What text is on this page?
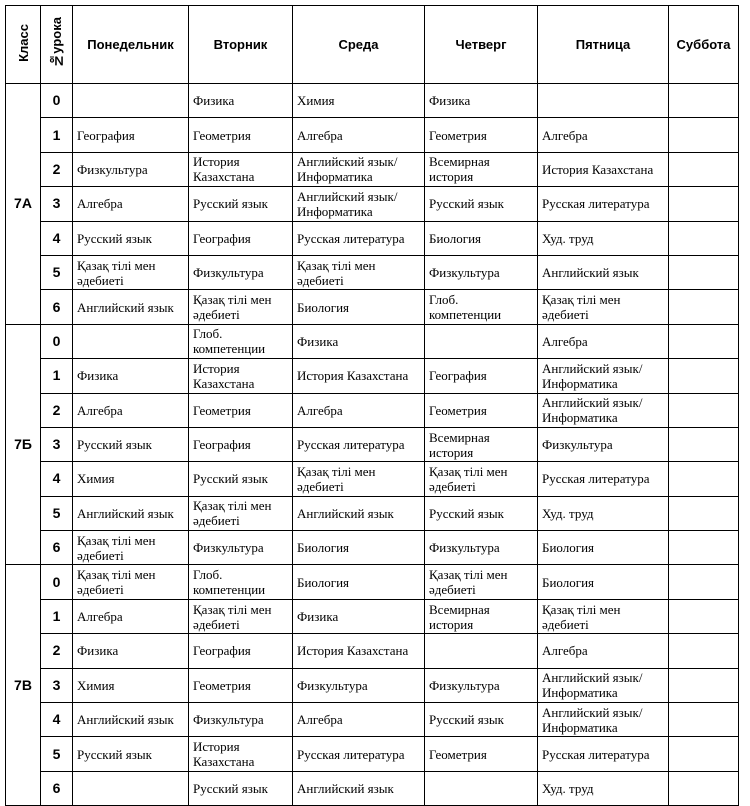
Класс	№урока	Понедельник	Вторник	Среда	Четверг	Пятница	Суббота
7А	0		Физика	Химия	Физика		
	1	География	Геометрия	Алгебра	Геометрия	Алгебра	
	2	Физкультура	История Казахстана	Английский язык/ Информатика	Всемирная история	История Казахстана	
	3	Алгебра	Русский язык	Английский язык/ Информатика	Русский язык	Русская литература	
	4	Русский язык	География	Русская литература	Биология	Худ. труд	
	5	Қазақ тілі мен әдебиеті	Физкультура	Қазақ тілі мен әдебиеті	Физкультура	Английский язык	
	6	Английский язык	Қазақ тілі мен әдебиеті	Биология	Глоб. компетенции	Қазақ тілі мен әдебиеті	
7Б	0		Глоб. компетенции	Физика		Алгебра	
	1	Физика	История Казахстана	История Казахстана	География	Английский язык/ Информатика	
	2	Алгебра	Геометрия	Алгебра	Геометрия	Английский язык/ Информатика	
	3	Русский язык	География	Русская литература	Всемирная история	Физкультура	
	4	Химия	Русский язык	Қазақ тілі мен әдебиеті	Қазақ тілі мен әдебиеті	Русская литература	
	5	Английский язык	Қазақ тілі мен әдебиеті	Английский язык	Русский язык	Худ. труд	
	6	Қазақ тілі мен әдебиеті	Физкультура	Биология	Физкультура	Биология	
7В	0	Қазақ тілі мен әдебиеті	Глоб. компетенции	Биология	Қазақ тілі мен әдебиеті	Биология	
	1	Алгебра	Қазақ тілі мен әдебиеті	Физика	Всемирная история	Қазақ тілі мен әдебиеті	
	2	Физика	География	История Казахстана		Алгебра	
	3	Химия	Геометрия	Физкультура	Физкультура	Английский язык/ Информатика	
	4	Английский язык	Физкультура	Алгебра	Русский язык	Английский язык/ Информатика	
	5	Русский язык	История Казахстана	Русская литература	Геометрия	Русская литература	
	6		Русский язык	Английский язык		Худ. труд	
